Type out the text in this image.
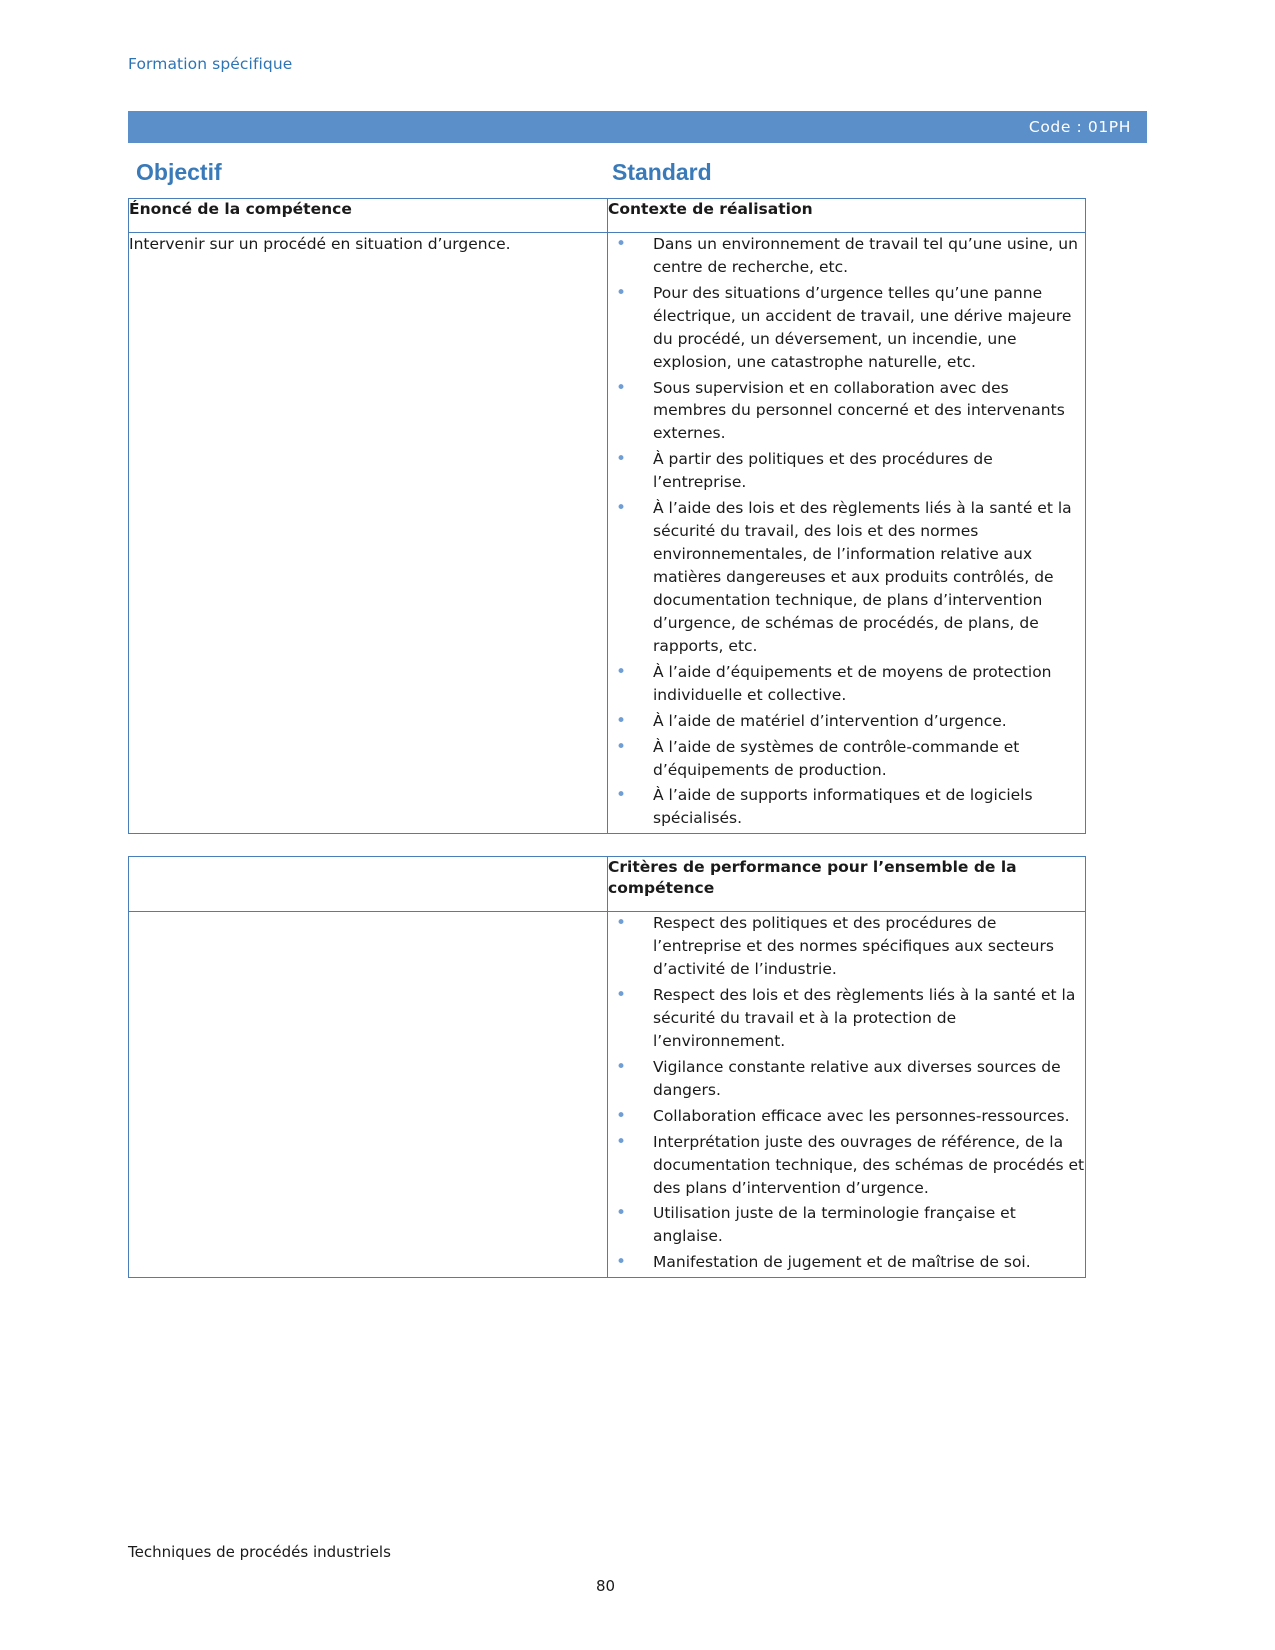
Formation spécifique
Code : 01PH
Objectif	Standard
Énoncé de la compétence	Contexte de réalisation

Intervenir sur un procédé en situation d’urgence.

•Dans un environnement de travail tel qu’une usine, un centre de recherche, etc.
• Pour des situations d’urgence telles qu’une panne électrique, un accident de travail, une dérive majeure du procédé, un déversement, un incendie, une explosion, une catastrophe naturelle, etc.
• Sous supervision et en collaboration avec des membres du personnel concerné et des intervenants externes.
• À partir des politiques et des procédures de l’entreprise.
• À l’aide des lois et des règlements liés à la santé et la sécurité du travail, des lois et des normes environnementales, de l’information relative aux matières dangereuses et aux produits contrôlés, de documentation technique, de plans d’intervention d’urgence, de schémas de procédés, de plans, de rapports, etc.
• À l’aide d’équipements et de moyens de protection individuelle et collective.
• À l’aide de matériel d’intervention d’urgence.
• À l’aide de systèmes de contrôle-commande et d’équipements de production.
• À l’aide de supports informatiques et de logiciels spécialisés.

	Critères de performance pour l’ensemble de la compétence

• Respect des politiques et des procédures de l’entreprise et des normes spécifiques aux secteurs d’activité de l’industrie.
• Respect des lois et des règlements liés à la santé et la sécurité du travail et à la protection de l’environnement.
• Vigilance constante relative aux diverses sources de dangers.
• Collaboration efficace avec les personnes-ressources.
• Interprétation juste des ouvrages de référence, de la documentation technique, des schémas de procédés et des plans d’intervention d’urgence.
• Utilisation juste de la terminologie française et anglaise.
• Manifestation de jugement et de maîtrise de soi.
Techniques de procédés industriels
80
